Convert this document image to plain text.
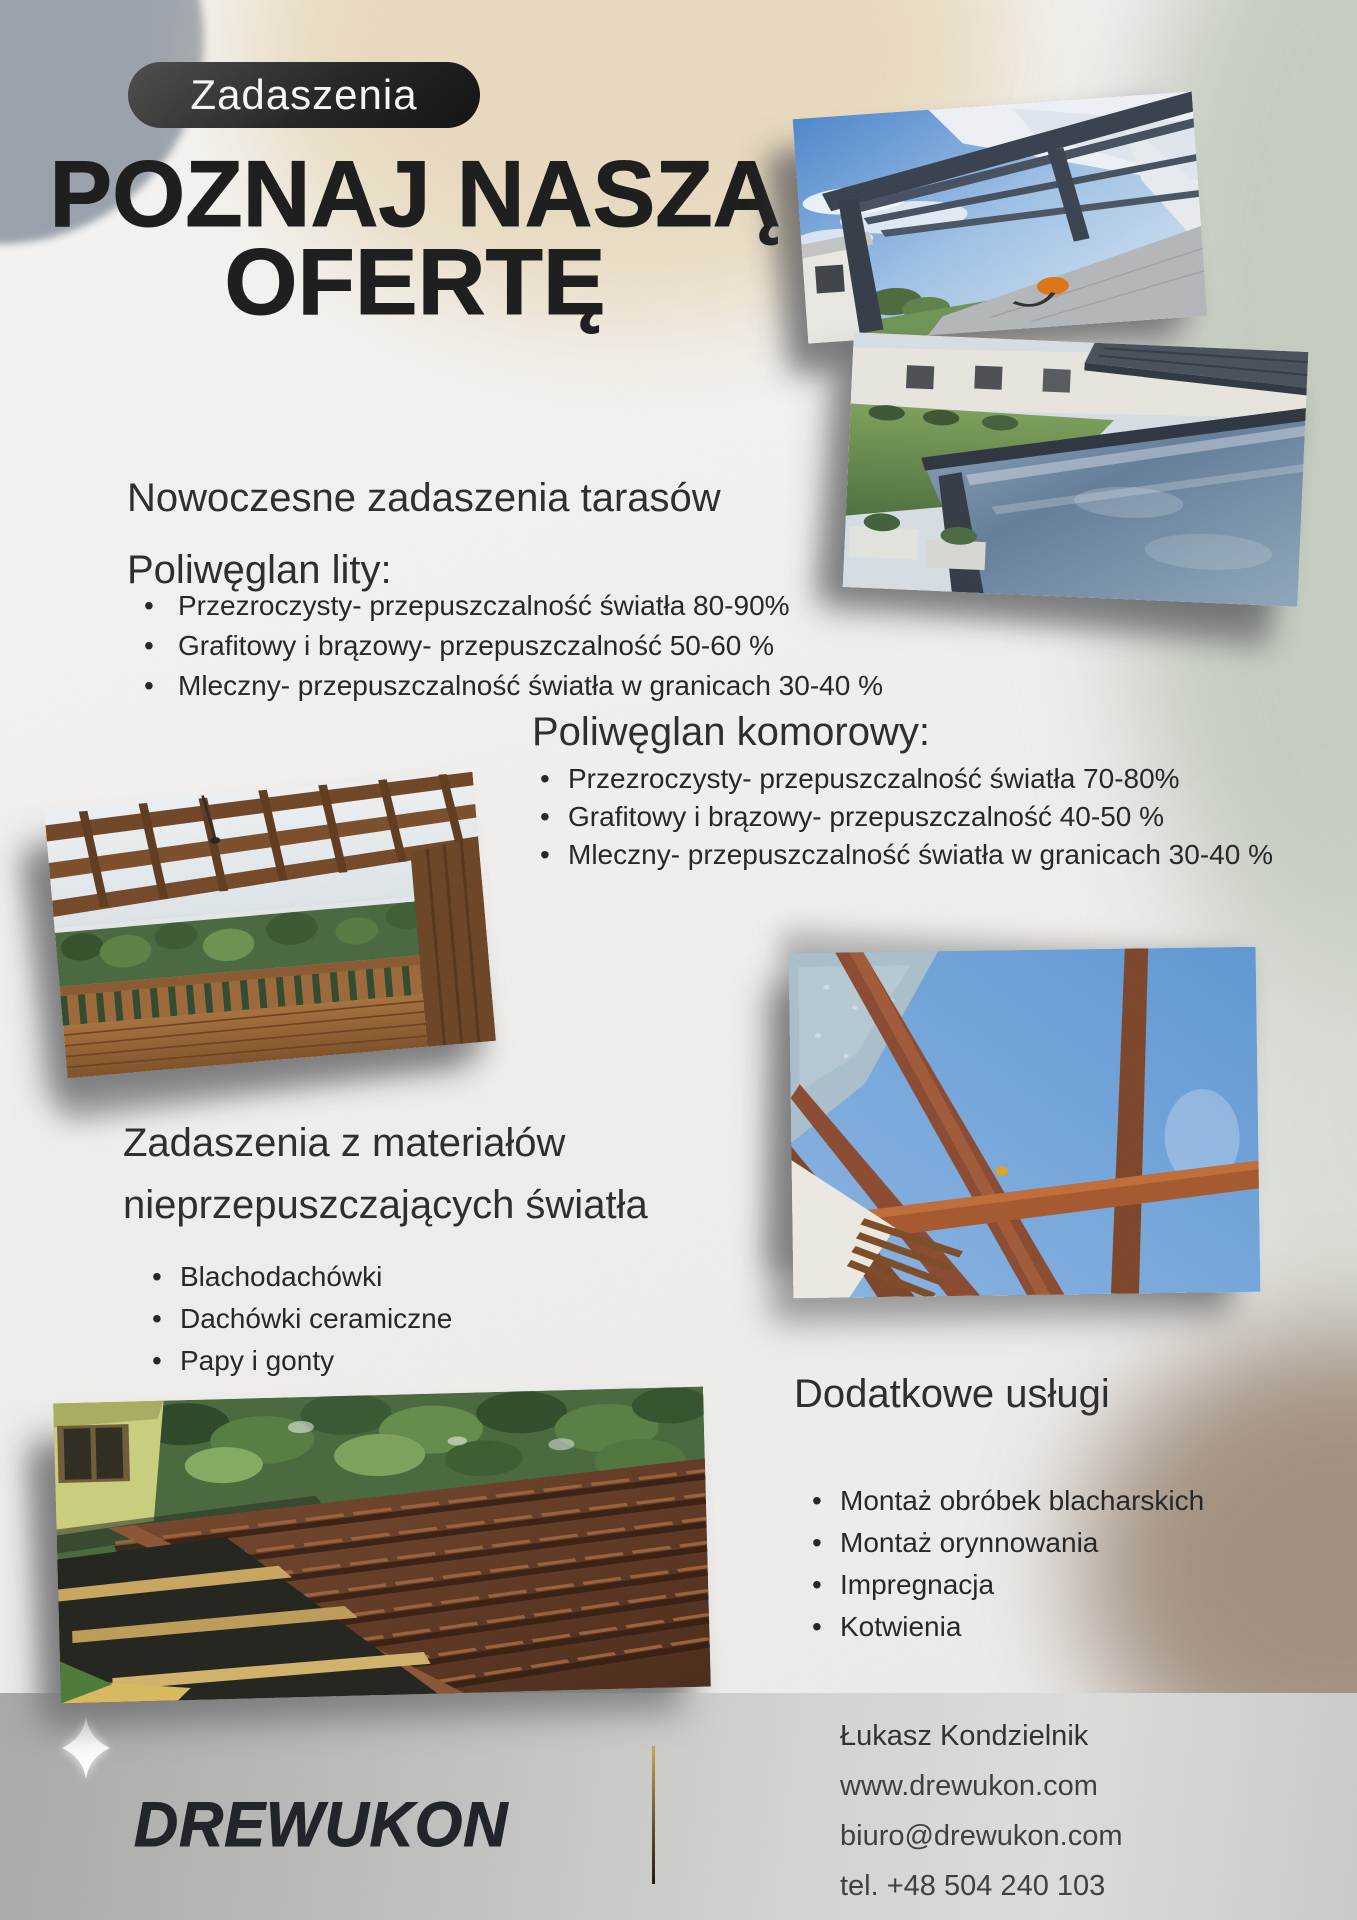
Zadaszenia
POZNAJ NASZĄ
OFERTĘ
Nowoczesne zadaszenia tarasów
Poliwęglan lity:
• Przezroczysty- przepuszczalność światła 80-90%
• Grafitowy i brązowy- przepuszczalność 50-60 %
• Mleczny- przepuszczalność światła w granicach 30-40 %
Poliwęglan komorowy:
• Przezroczysty- przepuszczalność światła 70-80%
• Grafitowy i brązowy- przepuszczalność 40-50 %
• Mleczny- przepuszczalność światła w granicach 30-40 %
Zadaszenia z materiałów
nieprzepuszczających światła
• Blachodachówki
• Dachówki ceramiczne
• Papy i gonty
Dodatkowe usługi
• Montaż obróbek blacharskich
• Montaż orynnowania
• Impregnacja
• Kotwienia
DREWUKON
Łukasz Kondzielnik
www.drewukon.com
biuro@drewukon.com
tel. +48 504 240 103
